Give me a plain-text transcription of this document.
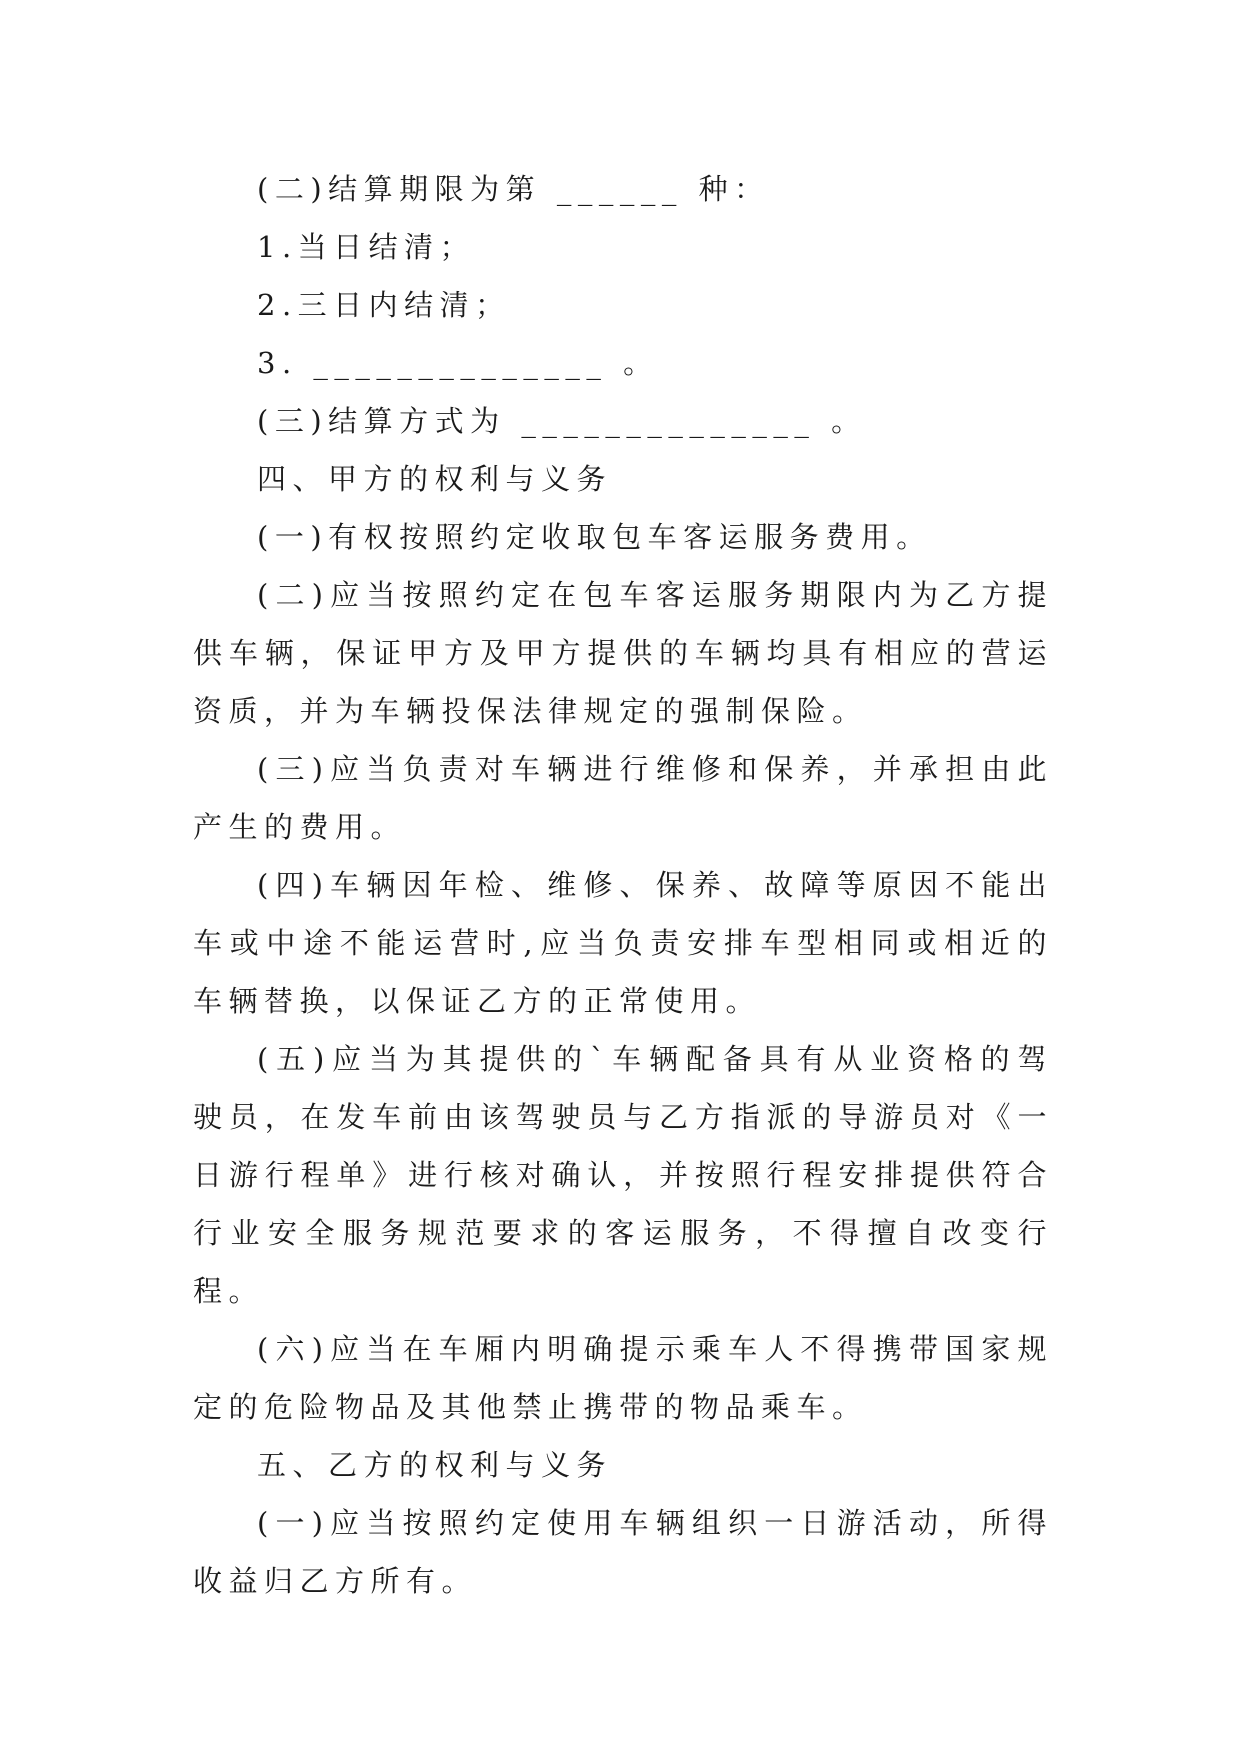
(二)结算期限为第 ______ 种：

1.当日结清；

2.三日内结清；

3. ______________ 。

(三)结算方式为 ______________ 。

四、甲方的权利与义务

(一)有权按照约定收取包车客运服务费用。

(二)应当按照约定在包车客运服务期限内为乙方提供车辆，保证甲方及甲方提供的车辆均具有相应的营运资质，并为车辆投保法律规定的强制保险。

(三)应当负责对车辆进行维修和保养，并承担由此产生的费用。

(四)车辆因年检、维修、保养、故障等原因不能出车或中途不能运营时,应当负责安排车型相同或相近的车辆替换，以保证乙方的正常使用。

(五)应当为其提供的`车辆配备具有从业资格的驾驶员，在发车前由该驾驶员与乙方指派的导游员对《一日游行程单》进行核对确认，并按照行程安排提供符合行业安全服务规范要求的客运服务，不得擅自改变行程。

(六)应当在车厢内明确提示乘车人不得携带国家规定的危险物品及其他禁止携带的物品乘车。

五、乙方的权利与义务

(一)应当按照约定使用车辆组织一日游活动，所得收益归乙方所有。
